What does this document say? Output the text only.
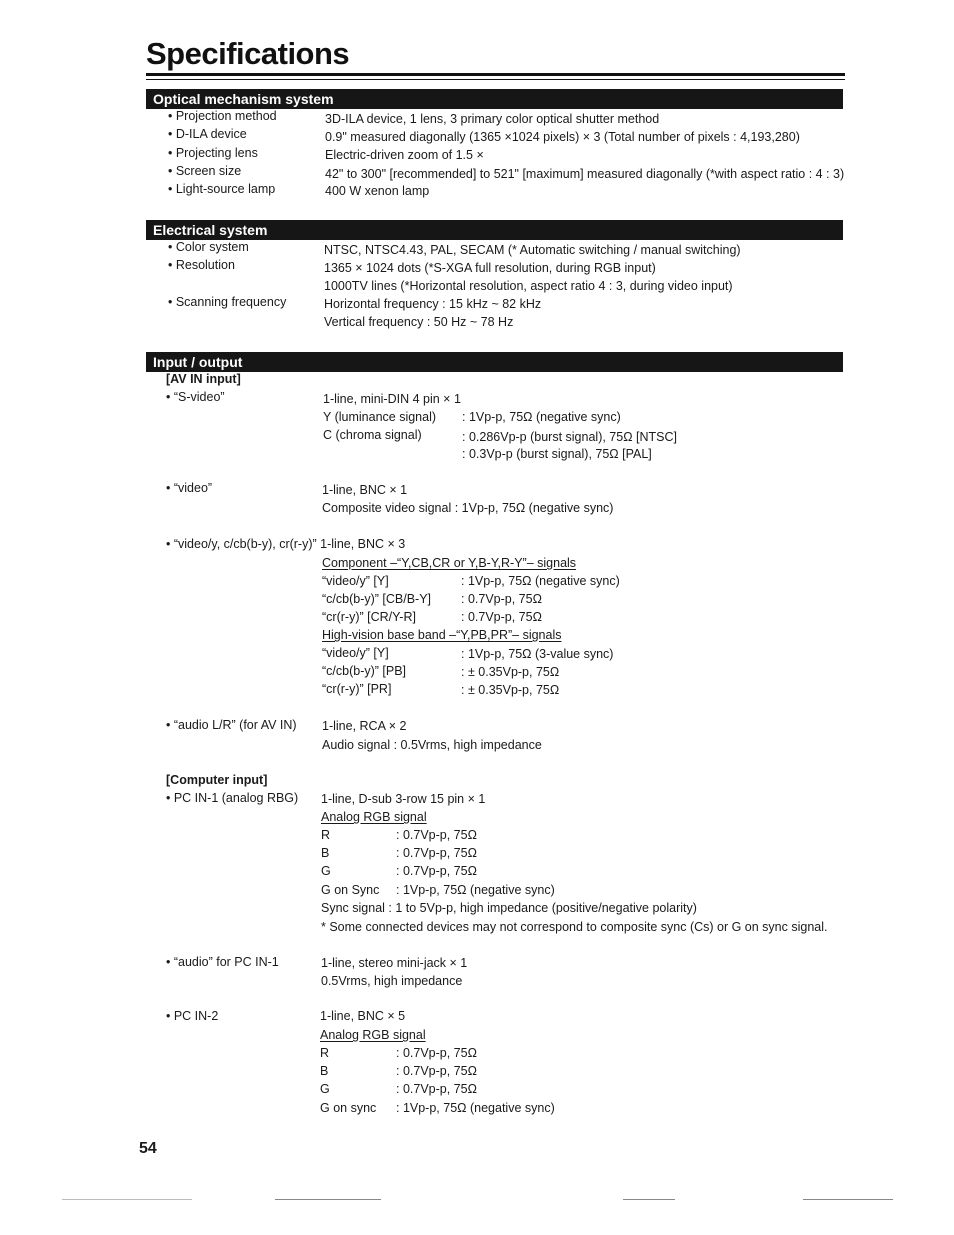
Specifications
Optical mechanism system
Electrical system
Input / output
• Projection method	3D-ILA device, 1 lens, 3 primary color optical shutter method
• D-ILA device	0.9" measured diagonally (1365 ×1024 pixels) × 3 (Total number of pixels : 4,193,280)
• Projecting lens	Electric-driven zoom of 1.5 ×
• Screen size	42" to 300" [recommended] to 521" [maximum] measured diagonally (*with aspect ratio : 4 : 3)
• Light-source lamp	400 W xenon lamp
• Color system	NTSC, NTSC4.43, PAL, SECAM (* Automatic switching / manual switching)
• Resolution	1365 × 1024 dots (*S-XGA full resolution, during RGB input)
1000TV lines (*Horizontal resolution, aspect ratio 4 : 3, during video input)
• Scanning frequency	Horizontal frequency : 15 kHz ~ 82 kHz
Vertical frequency : 50 Hz ~ 78 Hz
[AV IN input]
• “S-video”	1-line, mini-DIN 4 pin × 1
Y (luminance signal) : 1Vp-p, 75Ω (negative sync)
C (chroma signal)	: 0.286Vp-p (burst signal), 75Ω [NTSC]
: 0.3Vp-p (burst signal), 75Ω [PAL]
• “video”	1-line, BNC × 1
Composite video signal : 1Vp-p, 75Ω (negative sync)
• “video/y, c/cb(b-y), cr(r-y)” 1-line, BNC × 3
Component –“Y,CB,CR or Y,B-Y,R-Y”– signals
“video/y” [Y]	: 1Vp-p, 75Ω (negative sync)
“c/cb(b-y)” [CB/B-Y] : 0.7Vp-p, 75Ω
“cr(r-y)” [CR/Y-R]	: 0.7Vp-p, 75Ω
High-vision base band –“Y,PB,PR”– signals
“video/y” [Y]	: 1Vp-p, 75Ω (3-value sync)
“c/cb(b-y)” [PB]	: ± 0.35Vp-p, 75Ω
“cr(r-y)” [PR]	: ± 0.35Vp-p, 75Ω
• “audio L/R” (for AV IN) 1-line, RCA × 2
Audio signal : 0.5Vrms, high impedance
[Computer input]
• PC IN-1 (analog RBG) 1-line, D-sub 3-row 15 pin × 1
Analog RGB signal
R	: 0.7Vp-p, 75Ω
B	: 0.7Vp-p, 75Ω
G	: 0.7Vp-p, 75Ω
G on Sync : 1Vp-p, 75Ω (negative sync)
Sync signal : 1 to 5Vp-p, high impedance (positive/negative polarity)
* Some connected devices may not correspond to composite sync (Cs) or G on sync signal.
• “audio” for PC IN-1	1-line, stereo mini-jack × 1
0.5Vrms, high impedance
• PC IN-2	1-line, BNC × 5
Analog RGB signal
R	: 0.7Vp-p, 75Ω
B	: 0.7Vp-p, 75Ω
G	: 0.7Vp-p, 75Ω
G on sync : 1Vp-p, 75Ω (negative sync)
54
